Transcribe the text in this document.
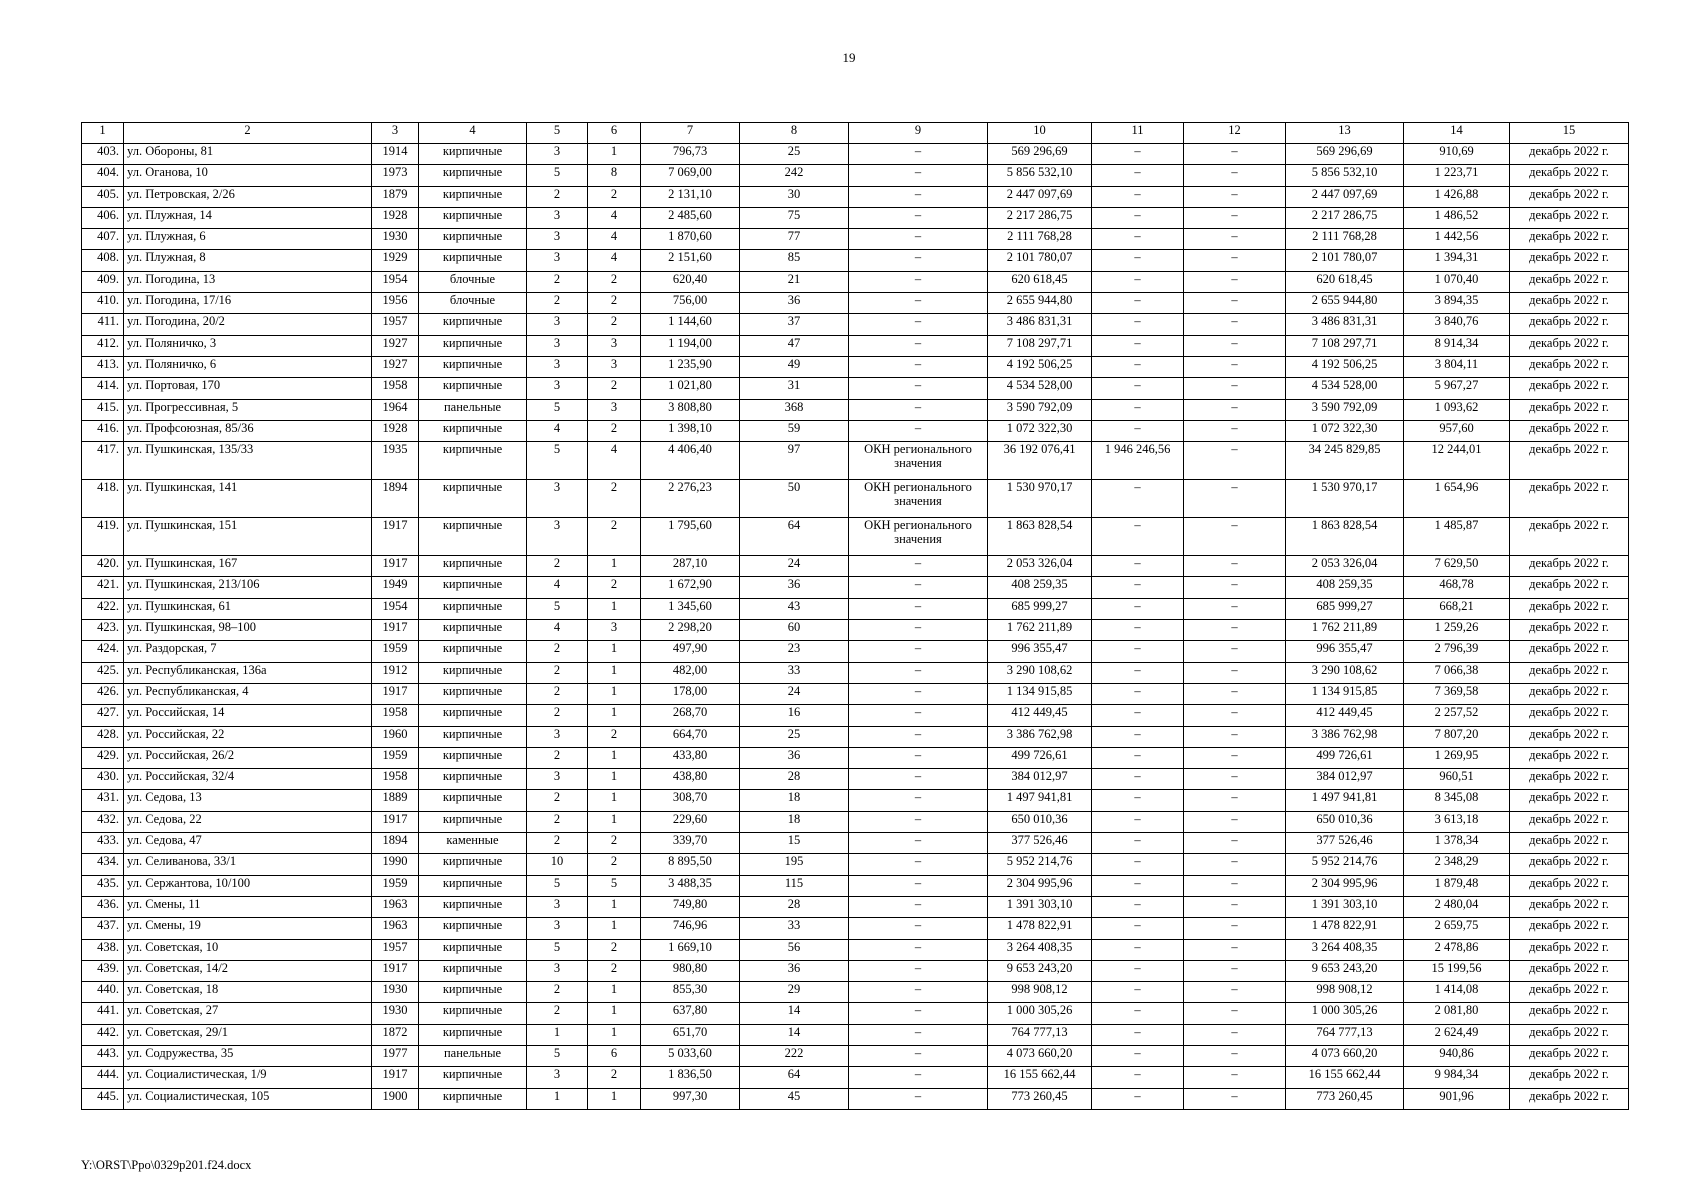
19
1	2	3	4	5	6	7	8	9	10	11	12	13	14	15
403.	ул. Обороны, 81	1914	кирпичные	3	1	796,73	25	–	569 296,69	–	–	569 296,69	910,69	декабрь 2022 г.
404.	ул. Оганова, 10	1973	кирпичные	5	8	7 069,00	242	–	5 856 532,10	–	–	5 856 532,10	1 223,71	декабрь 2022 г.
405.	ул. Петровская, 2/26	1879	кирпичные	2	2	2 131,10	30	–	2 447 097,69	–	–	2 447 097,69	1 426,88	декабрь 2022 г.
406.	ул. Плужная, 14	1928	кирпичные	3	4	2 485,60	75	–	2 217 286,75	–	–	2 217 286,75	1 486,52	декабрь 2022 г.
407.	ул. Плужная, 6	1930	кирпичные	3	4	1 870,60	77	–	2 111 768,28	–	–	2 111 768,28	1 442,56	декабрь 2022 г.
408.	ул. Плужная, 8	1929	кирпичные	3	4	2 151,60	85	–	2 101 780,07	–	–	2 101 780,07	1 394,31	декабрь 2022 г.
409.	ул. Погодина, 13	1954	блочные	2	2	620,40	21	–	620 618,45	–	–	620 618,45	1 070,40	декабрь 2022 г.
410.	ул. Погодина, 17/16	1956	блочные	2	2	756,00	36	–	2 655 944,80	–	–	2 655 944,80	3 894,35	декабрь 2022 г.
411.	ул. Погодина, 20/2	1957	кирпичные	3	2	1 144,60	37	–	3 486 831,31	–	–	3 486 831,31	3 840,76	декабрь 2022 г.
412.	ул. Поляничко, 3	1927	кирпичные	3	3	1 194,00	47	–	7 108 297,71	–	–	7 108 297,71	8 914,34	декабрь 2022 г.
413.	ул. Поляничко, 6	1927	кирпичные	3	3	1 235,90	49	–	4 192 506,25	–	–	4 192 506,25	3 804,11	декабрь 2022 г.
414.	ул. Портовая, 170	1958	кирпичные	3	2	1 021,80	31	–	4 534 528,00	–	–	4 534 528,00	5 967,27	декабрь 2022 г.
415.	ул. Прогрессивная, 5	1964	панельные	5	3	3 808,80	368	–	3 590 792,09	–	–	3 590 792,09	1 093,62	декабрь 2022 г.
416.	ул. Профсоюзная, 85/36	1928	кирпичные	4	2	1 398,10	59	–	1 072 322,30	–	–	1 072 322,30	957,60	декабрь 2022 г.
417.	ул. Пушкинская, 135/33	1935	кирпичные	5	4	4 406,40	97	ОКН регионального значения	36 192 076,41	1 946 246,56	–	34 245 829,85	12 244,01	декабрь 2022 г.
418.	ул. Пушкинская, 141	1894	кирпичные	3	2	2 276,23	50	ОКН регионального значения	1 530 970,17	–	–	1 530 970,17	1 654,96	декабрь 2022 г.
419.	ул. Пушкинская, 151	1917	кирпичные	3	2	1 795,60	64	ОКН регионального значения	1 863 828,54	–	–	1 863 828,54	1 485,87	декабрь 2022 г.
420.	ул. Пушкинская, 167	1917	кирпичные	2	1	287,10	24	–	2 053 326,04	–	–	2 053 326,04	7 629,50	декабрь 2022 г.
421.	ул. Пушкинская, 213/106	1949	кирпичные	4	2	1 672,90	36	–	408 259,35	–	–	408 259,35	468,78	декабрь 2022 г.
422.	ул. Пушкинская, 61	1954	кирпичные	5	1	1 345,60	43	–	685 999,27	–	–	685 999,27	668,21	декабрь 2022 г.
423.	ул. Пушкинская, 98–100	1917	кирпичные	4	3	2 298,20	60	–	1 762 211,89	–	–	1 762 211,89	1 259,26	декабрь 2022 г.
424.	ул. Раздорская, 7	1959	кирпичные	2	1	497,90	23	–	996 355,47	–	–	996 355,47	2 796,39	декабрь 2022 г.
425.	ул. Республиканская, 136а	1912	кирпичные	2	1	482,00	33	–	3 290 108,62	–	–	3 290 108,62	7 066,38	декабрь 2022 г.
426.	ул. Республиканская, 4	1917	кирпичные	2	1	178,00	24	–	1 134 915,85	–	–	1 134 915,85	7 369,58	декабрь 2022 г.
427.	ул. Российская, 14	1958	кирпичные	2	1	268,70	16	–	412 449,45	–	–	412 449,45	2 257,52	декабрь 2022 г.
428.	ул. Российская, 22	1960	кирпичные	3	2	664,70	25	–	3 386 762,98	–	–	3 386 762,98	7 807,20	декабрь 2022 г.
429.	ул. Российская, 26/2	1959	кирпичные	2	1	433,80	36	–	499 726,61	–	–	499 726,61	1 269,95	декабрь 2022 г.
430.	ул. Российская, 32/4	1958	кирпичные	3	1	438,80	28	–	384 012,97	–	–	384 012,97	960,51	декабрь 2022 г.
431.	ул. Седова, 13	1889	кирпичные	2	1	308,70	18	–	1 497 941,81	–	–	1 497 941,81	8 345,08	декабрь 2022 г.
432.	ул. Седова, 22	1917	кирпичные	2	1	229,60	18	–	650 010,36	–	–	650 010,36	3 613,18	декабрь 2022 г.
433.	ул. Седова, 47	1894	каменные	2	2	339,70	15	–	377 526,46	–	–	377 526,46	1 378,34	декабрь 2022 г.
434.	ул. Селиванова, 33/1	1990	кирпичные	10	2	8 895,50	195	–	5 952 214,76	–	–	5 952 214,76	2 348,29	декабрь 2022 г.
435.	ул. Сержантова, 10/100	1959	кирпичные	5	5	3 488,35	115	–	2 304 995,96	–	–	2 304 995,96	1 879,48	декабрь 2022 г.
436.	ул. Смены, 11	1963	кирпичные	3	1	749,80	28	–	1 391 303,10	–	–	1 391 303,10	2 480,04	декабрь 2022 г.
437.	ул. Смены, 19	1963	кирпичные	3	1	746,96	33	–	1 478 822,91	–	–	1 478 822,91	2 659,75	декабрь 2022 г.
438.	ул. Советская, 10	1957	кирпичные	5	2	1 669,10	56	–	3 264 408,35	–	–	3 264 408,35	2 478,86	декабрь 2022 г.
439.	ул. Советская, 14/2	1917	кирпичные	3	2	980,80	36	–	9 653 243,20	–	–	9 653 243,20	15 199,56	декабрь 2022 г.
440.	ул. Советская, 18	1930	кирпичные	2	1	855,30	29	–	998 908,12	–	–	998 908,12	1 414,08	декабрь 2022 г.
441.	ул. Советская, 27	1930	кирпичные	2	1	637,80	14	–	1 000 305,26	–	–	1 000 305,26	2 081,80	декабрь 2022 г.
442.	ул. Советская, 29/1	1872	кирпичные	1	1	651,70	14	–	764 777,13	–	–	764 777,13	2 624,49	декабрь 2022 г.
443.	ул. Содружества, 35	1977	панельные	5	6	5 033,60	222	–	4 073 660,20	–	–	4 073 660,20	940,86	декабрь 2022 г.
444.	ул. Социалистическая, 1/9	1917	кирпичные	3	2	1 836,50	64	–	16 155 662,44	–	–	16 155 662,44	9 984,34	декабрь 2022 г.
445.	ул. Социалистическая, 105	1900	кирпичные	1	1	997,30	45	–	773 260,45	–	–	773 260,45	901,96	декабрь 2022 г.
Y:\ORST\Ppo\0329p201.f24.docx
